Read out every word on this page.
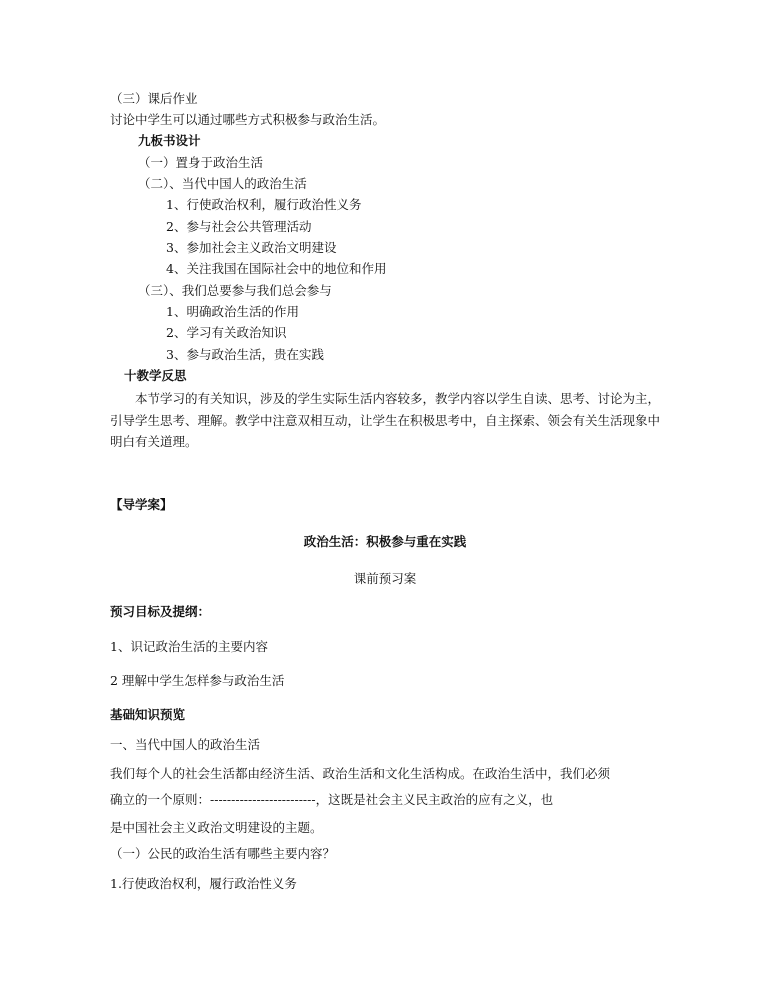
（三）课后作业
讨论中学生可以通过哪些方式积极参与政治生活。
九板书设计
（一）置身于政治生活
（二）、当代中国人的政治生活
1、行使政治权利，履行政治性义务
2、参与社会公共管理活动
3、参加社会主义政治文明建设
4、关注我国在国际社会中的地位和作用
（三）、我们总要参与我们总会参与
1、明确政治生活的作用
2、学习有关政治知识
3、参与政治生活，贵在实践
十教学反思
本节学习的有关知识，涉及的学生实际生活内容较多，教学内容以学生自读、思考、讨论为主，引导学生思考、理解。教学中注意双相互动，让学生在积极思考中，自主探索、领会有关生活现象中明白有关道理。
【导学案】
政治生活：积极参与重在实践
课前预习案
预习目标及提纲：
1、识记政治生活的主要内容
2 理解中学生怎样参与政治生活
基础知识预览
一、当代中国人的政治生活
我们每个人的社会生活都由经济生活、政治生活和文化生活构成。在政治生活中，我们必须
确立的一个原则：-------------------------，这既是社会主义民主政治的应有之义，也
是中国社会主义政治文明建设的主题。
（一）公民的政治生活有哪些主要内容？
1.行使政治权利，履行政治性义务
